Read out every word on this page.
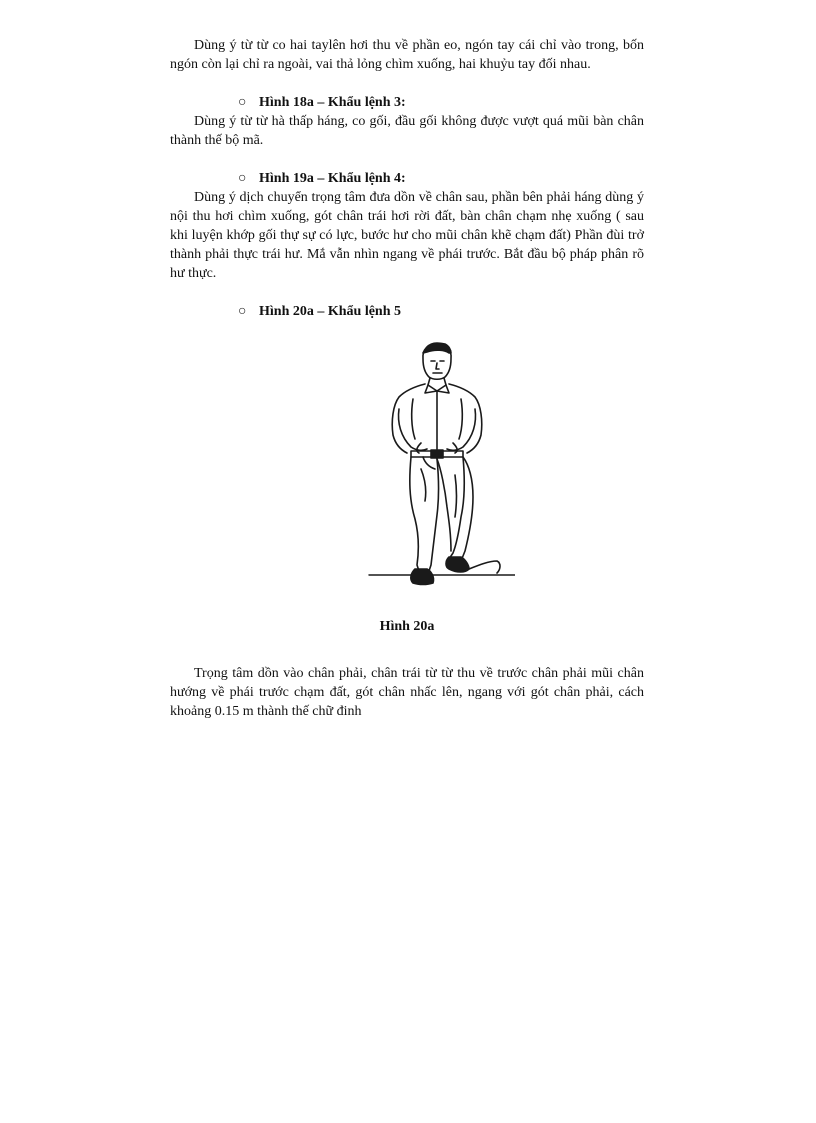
Dùng ý từ từ co hai taylên hơi thu về phần eo, ngón tay cái chỉ vào trong, bốn ngón còn lại chỉ ra ngoài, vai thả lỏng chìm xuống, hai khuỷu tay đối nhau.

○ Hình 18a – Khẩu lệnh 3:

Dùng ý từ từ hà thấp háng, co gối, đầu gối không được vượt quá mũi bàn chân thành thế bộ mã.

○ Hình 19a – Khẩu lệnh 4:

Dùng ý dịch chuyển trọng tâm đưa dồn về chân sau, phần bên phải háng dùng ý nội thu hơi chìm xuống, gót chân trái hơi rời đất, bàn chân chạm nhẹ xuống ( sau khi luyện khớp gối thự sự có lực, bước hư cho mũi chân khẽ chạm đất) Phần đùi trở thành phải thực trái hư. Mắ vẫn nhìn ngang về phái trước. Bắt đầu bộ pháp phân rõ hư thực.

○ Hình 20a – Khẩu lệnh 5

Hình 20a

Trọng tâm dồn vào chân phải, chân trái từ từ thu về trước chân phải mũi chân hướng về phái trước chạm đất, gót chân nhấc lên, ngang với gót chân phải, cách khoảng 0.15 m thành thế chữ đinh
